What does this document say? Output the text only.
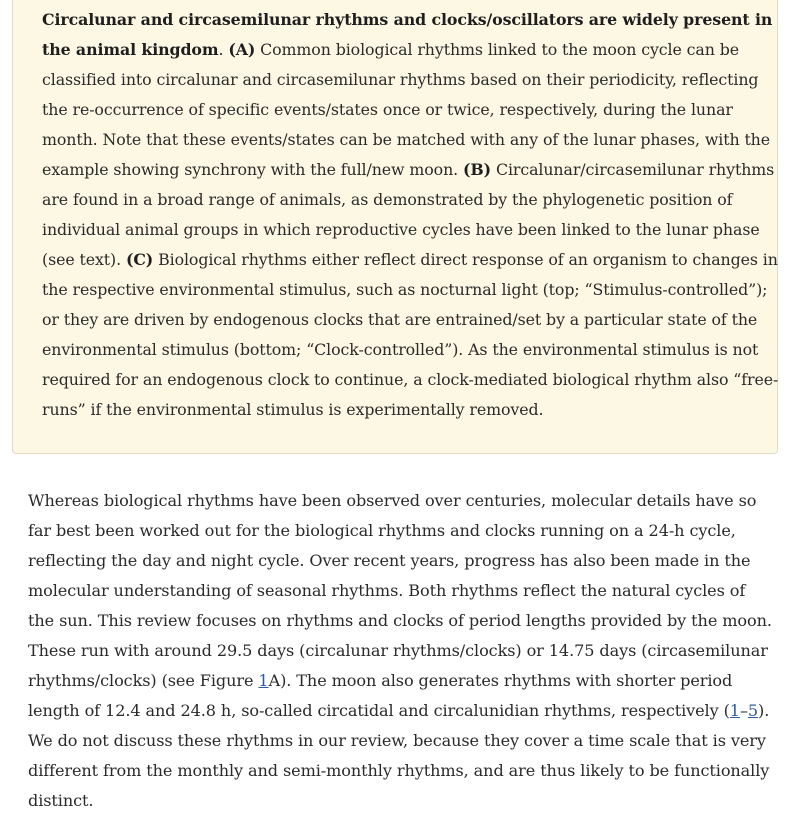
Circalunar and circasemilunar rhythms and clocks/oscillators are widely present in the animal kingdom. (A) Common biological rhythms linked to the moon cycle can be classified into circalunar and circasemilunar rhythms based on their periodicity, reflecting the re-occurrence of specific events/states once or twice, respectively, during the lunar month. Note that these events/states can be matched with any of the lunar phases, with the example showing synchrony with the full/new moon. (B) Circalunar/circasemilunar rhythms are found in a broad range of animals, as demonstrated by the phylogenetic position of individual animal groups in which reproductive cycles have been linked to the lunar phase (see text). (C) Biological rhythms either reflect direct response of an organism to changes in the respective environmental stimulus, such as nocturnal light (top; “Stimulus-controlled”); or they are driven by endogenous clocks that are entrained/set by a particular state of the environmental stimulus (bottom; “Clock-controlled”). As the environmental stimulus is not required for an endogenous clock to continue, a clock-mediated biological rhythm also “free-runs” if the environmental stimulus is experimentally removed.
Whereas biological rhythms have been observed over centuries, molecular details have so far best been worked out for the biological rhythms and clocks running on a 24-h cycle, reflecting the day and night cycle. Over recent years, progress has also been made in the molecular understanding of seasonal rhythms. Both rhythms reflect the natural cycles of the sun. This review focuses on rhythms and clocks of period lengths provided by the moon. These run with around 29.5 days (circalunar rhythms/clocks) or 14.75 days (circasemilunar rhythms/clocks) (see Figure 1A). The moon also generates rhythms with shorter period length of 12.4 and 24.8 h, so-called circatidal and circalunidian rhythms, respectively (1–5). We do not discuss these rhythms in our review, because they cover a time scale that is very different from the monthly and semi-monthly rhythms, and are thus likely to be functionally distinct.
